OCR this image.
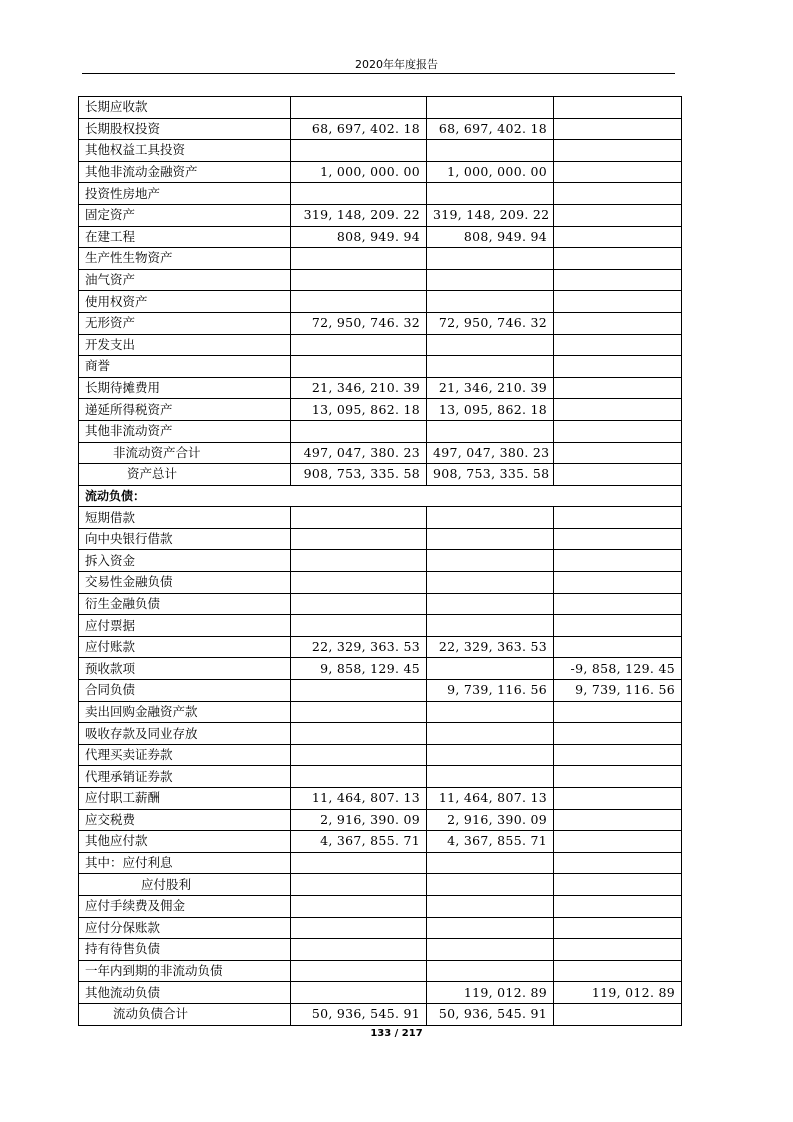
2020年年度报告
长期应收款			
长期股权投资	68, 697, 402. 18	68, 697, 402. 18	
其他权益工具投资			
其他非流动金融资产	1, 000, 000. 00	1, 000, 000. 00	
投资性房地产			
固定资产	319, 148, 209. 22	319, 148, 209. 22	
在建工程	808, 949. 94	808, 949. 94	
生产性生物资产			
油气资产			
使用权资产			
无形资产	72, 950, 746. 32	72, 950, 746. 32	
开发支出			
商誉			
长期待摊费用	21, 346, 210. 39	21, 346, 210. 39	
递延所得税资产	13, 095, 862. 18	13, 095, 862. 18	
其他非流动资产			
非流动资产合计	497, 047, 380. 23	497, 047, 380. 23	
资产总计	908, 753, 335. 58	908, 753, 335. 58	
流动负债：			
短期借款			
向中央银行借款			
拆入资金			
交易性金融负债			
衍生金融负债			
应付票据			
应付账款	22, 329, 363. 53	22, 329, 363. 53	
预收款项	9, 858, 129. 45		-9, 858, 129. 45
合同负债		9, 739, 116. 56	9, 739, 116. 56
卖出回购金融资产款			
吸收存款及同业存放			
代理买卖证券款			
代理承销证券款			
应付职工薪酬	11, 464, 807. 13	11, 464, 807. 13	
应交税费	2, 916, 390. 09	2, 916, 390. 09	
其他应付款	4, 367, 855. 71	4, 367, 855. 71	
其中：应付利息			
应付股利			
应付手续费及佣金			
应付分保账款			
持有待售负债			
一年内到期的非流动负债			
其他流动负债		119, 012. 89	119, 012. 89
流动负债合计	50, 936, 545. 91	50, 936, 545. 91	
133 / 217
